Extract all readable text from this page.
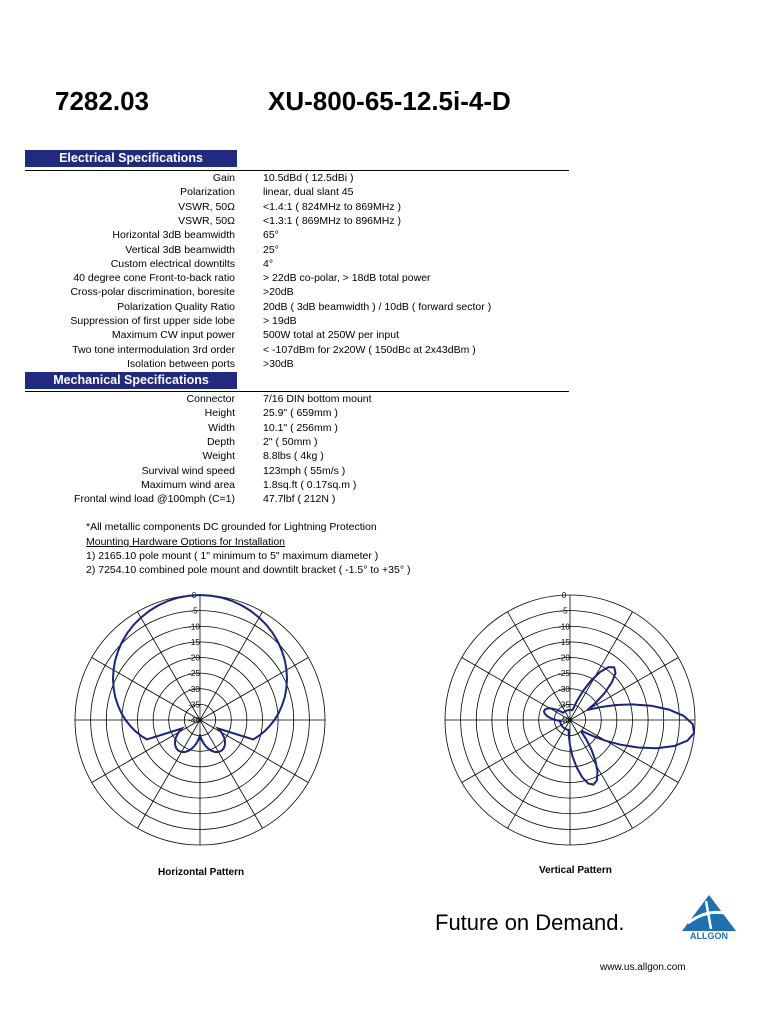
7282.03	XU-800-65-12.5i-4-D
Electrical Specifications
Gain	10.5dBd ( 12.5dBi )
Polarization	linear, dual slant 45
VSWR, 50Ω	<1.4:1 ( 824MHz to 869MHz )
VSWR, 50Ω	<1.3:1 ( 869MHz to 896MHz )
Horizontal 3dB beamwidth	65°
Vertical 3dB beamwidth	25°
Custom electrical downtilts	4°
40 degree cone Front-to-back ratio	> 22dB co-polar, > 18dB total power
Cross-polar discrimination, boresite	>20dB
Polarization Quality Ratio	20dB ( 3dB beamwidth ) / 10dB ( forward sector )
Suppression of first upper side lobe	> 19dB
Maximum CW input power	500W total at 250W per input
Two tone intermodulation 3rd order	< -107dBm for 2x20W ( 150dBc at 2x43dBm )
Isolation between ports	>30dB
Mechanical Specifications
Connector	7/16 DIN bottom mount
Height	25.9" ( 659mm )
Width	10.1" ( 256mm )
Depth	2" ( 50mm )
Weight	8.8lbs ( 4kg )
Survival wind speed	123mph ( 55m/s )
Maximum wind area	1.8sq.ft ( 0.17sq.m )
Frontal wind load @100mph (C=1)	47.7lbf ( 212N )
*All metallic components DC grounded for Lightning Protection
Mounting Hardware Options for Installation
1) 2165.10 pole mount ( 1" minimum to 5" maximum diameter )
2) 7254.10 combined pole mount and downtilt bracket ( -1.5° to +35° )
0
-5
-10
-15
-20
-25
-30
-35
-40
0
-5
-10
-15
-20
-25
-30
-35
-40
Horizontal Pattern	Vertical Pattern
Future on Demand.
ALLGON
www.us.allgon.com
